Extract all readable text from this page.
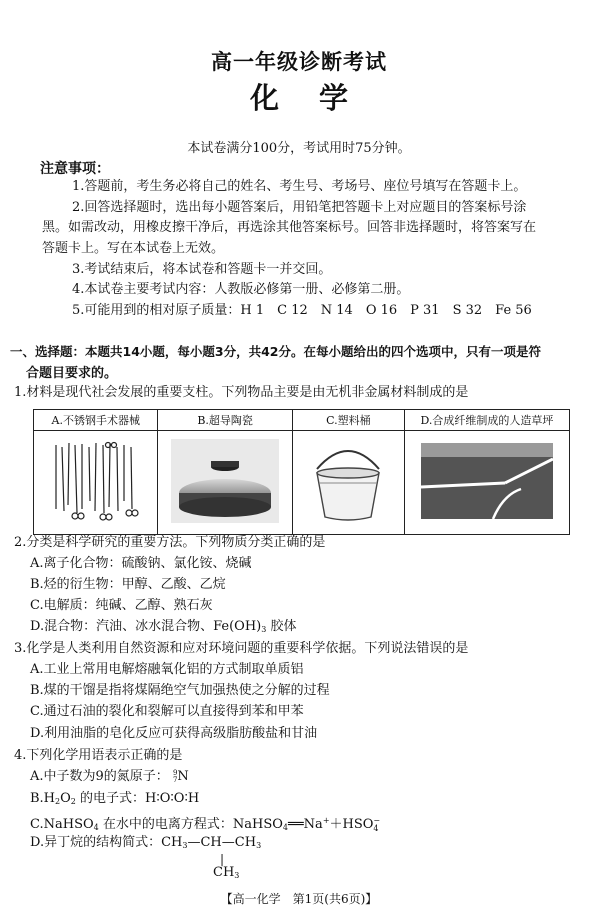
高一年级诊断考试
化学
本试卷满分100分，考试用时75分钟。
注意事项：
1.答题前，考生务必将自己的姓名、考生号、考场号、座位号填写在答题卡上。
2.回答选择题时，选出每小题答案后，用铅笔把答题卡上对应题目的答案标号涂
黑。如需改动，用橡皮擦干净后，再选涂其他答案标号。回答非选择题时，将答案写在
答题卡上。写在本试卷上无效。
3.考试结束后，将本试卷和答题卡一并交回。
4.本试卷主要考试内容：人教版必修第一册、必修第二册。
5.可能用到的相对原子质量：H 1　C 12　N 14　O 16　P 31　S 32　Fe 56
一、选择题：本题共14小题，每小题3分，共42分。在每小题给出的四个选项中，只有一项是符
合题目要求的。
1.材料是现代社会发展的重要支柱。下列物品主要是由无机非金属材料制成的是
A.不锈钢手术器械	B.超导陶瓷	C.塑料桶	D.合成纤维制成的人造草坪

2.分类是科学研究的重要方法。下列物质分类正确的是
A.离子化合物：硫酸钠、氯化铵、烧碱
B.烃的衍生物：甲醇、乙酸、乙烷
C.电解质：纯碱、乙醇、熟石灰
D.混合物：汽油、冰水混合物、$Fe(OH)_3$ 胶体
3.化学是人类利用自然资源和应对环境问题的重要科学依据。下列说法错误的是
A.工业上常用电解熔融氧化铝的方式制取单质铝
B.煤的干馏是指将煤隔绝空气加强热使之分解的过程
C.通过石油的裂化和裂解可以直接得到苯和甲苯
D.利用油脂的皂化反应可获得高级脂肪酸盐和甘油
4.下列化学用语表示正确的是
A.中子数为9的氮原子： 9
7 N
$B.H_2O_2$ 的电子式：H∶O∶O∶H
C.NaHSO$_4$ 在水中的电离方程式：NaHSO$_4$══Na+＋HSO −
4
D.异丁烷的结构简式：$CH_3—CH—CH_3$
|
$CH_3$
【高一化学　第1页(共6页)】
